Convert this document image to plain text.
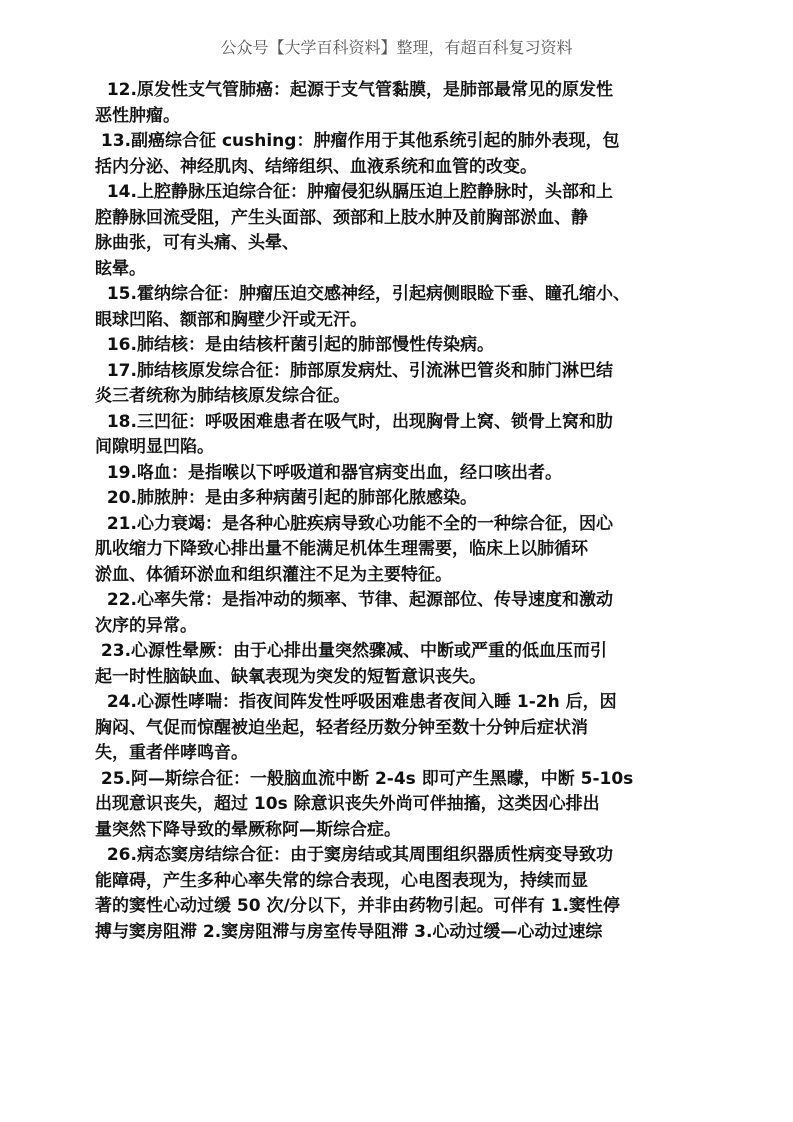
公众号【大学百科资料】整理，有超百科复习资料
12.原发性支气管肺癌：起源于支气管黏膜，是肺部最常见的原发性
恶性肿瘤。
13.副癌综合征 cushing：肿瘤作用于其他系统引起的肺外表现，包
括内分泌、神经肌肉、结缔组织、血液系统和血管的改变。
14.上腔静脉压迫综合征：肿瘤侵犯纵膈压迫上腔静脉时，头部和上
腔静脉回流受阻，产生头面部、颈部和上肢水肿及前胸部淤血、静
脉曲张，可有头痛、头晕、
眩晕。
15.霍纳综合征：肿瘤压迫交感神经，引起病侧眼睑下垂、瞳孔缩小、
眼球凹陷、额部和胸壁少汗或无汗。
16.肺结核：是由结核杆菌引起的肺部慢性传染病。
17.肺结核原发综合征：肺部原发病灶、引流淋巴管炎和肺门淋巴结
炎三者统称为肺结核原发综合征。
18.三凹征：呼吸困难患者在吸气时，出现胸骨上窝、锁骨上窝和肋
间隙明显凹陷。
19.咯血：是指喉以下呼吸道和器官病变出血，经口咳出者。
20.肺脓肿：是由多种病菌引起的肺部化脓感染。
21.心力衰竭：是各种心脏疾病导致心功能不全的一种综合征，因心
肌收缩力下降致心排出量不能满足机体生理需要，临床上以肺循环
淤血、体循环淤血和组织灌注不足为主要特征。
22.心率失常：是指冲动的频率、节律、起源部位、传导速度和激动
次序的异常。
23.心源性晕厥：由于心排出量突然骤减、中断或严重的低血压而引
起一时性脑缺血、缺氧表现为突发的短暂意识丧失。
24.心源性哮喘：指夜间阵发性呼吸困难患者夜间入睡 1-2h 后，因
胸闷、气促而惊醒被迫坐起，轻者经历数分钟至数十分钟后症状消
失，重者伴哮鸣音。
25.阿—斯综合征：一般脑血流中断 2-4s 即可产生黑曚，中断 5-10s
出现意识丧失，超过 10s 除意识丧失外尚可伴抽搐，这类因心排出
量突然下降导致的晕厥称阿—斯综合症。
26.病态窦房结综合征：由于窦房结或其周围组织器质性病变导致功
能障碍，产生多种心率失常的综合表现，心电图表现为，持续而显
著的窦性心动过缓 50 次/分以下，并非由药物引起。可伴有 1.窦性停
搏与窦房阻滞 2.窦房阻滞与房室传导阻滞 3.心动过缓—心动过速综
